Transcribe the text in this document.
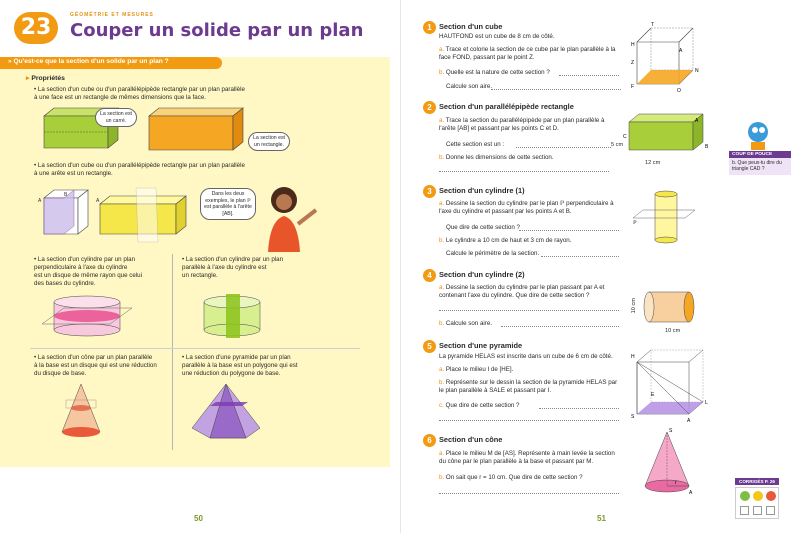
23	GÉOMÉTRIE ET MESURES
Couper un solide par un plan
» Qu'est-ce que la section d'un solide par un plan ?
▸ Propriétés
• La section d'un cube ou d'un parallélépipède rectangle par un plan parallèle
à une face est un rectangle de mêmes dimensions que la face.
La section est un carré.
La section est un rectangle.
• La section d'un cube ou d'un parallélépipède rectangle par un plan parallèle
à une arête est un rectangle.
A
B
A
Dans les deux exemples, le plan ℙ est parallèle à l'arête [AB].
• La section d'un cylindre par un plan
perpendiculaire à l'axe du cylindre
est un disque de même rayon que celui
des bases du cylindre.
• La section d'un cylindre par un plan
parallèle à l'axe du cylindre est
un rectangle.
• La section d'un cône par un plan parallèle
à la base est un disque qui est une réduction
du disque de base.
• La section d'une pyramide par un plan
parallèle à la base est un polygone qui est
une réduction du polygone de base.
50
1 Section d'un cube
HAUTFOND est un cube de 8 cm de côté.
a. Trace et colorie la section de ce cube par le plan parallèle à la face FOND, passant par le point Z.
b. Quelle est la nature de cette section ?
Calcule son aire.
T
H
F
O
N
Z
A
2 Section d'un parallélépipède rectangle
a. Trace la section du parallélépipède par un plan parallèle à l'arête [AB] et passant par les points C et D.
Cette section est un :
b. Donne les dimensions de cette section.
C
A
B
5 cm
12 cm
COUP DE POUCE
b. Que peux-tu dire du triangle CAD ?
3 Section d'un cylindre (1)
a. Dessine la section du cylindre par le plan ℙ perpendiculaire à l'axe du cylindre et passant par les points A et B.
Que dire de cette section ?
b. Le cylindre a 10 cm de haut et 3 cm de rayon.
Calcule le périmètre de la section.
ℙ
4 Section d'un cylindre (2)
a. Dessine la section du cylindre par le plan passant par A et contenant l'axe du cylindre. Que dire de cette section ?
b. Calcule son aire.
10 cm
10 cm
5 Section d'une pyramide
La pyramide HELAS est inscrite dans un cube de 6 cm de côté.
a. Place le milieu I de [HE].
b. Représente sur le dessin la section de la pyramide HELAS par le plan parallèle à SALE et passant par I.
c. Que dire de cette section ?
H
S
A
E
L
6 Section d'un cône
a. Place le milieu M de [AS]. Représente à main levée la section du cône par le plan parallèle à la base et passant par M.
b. On sait que r = 10 cm. Que dire de cette section ?
S
A
r	CORRIGÉS P. 26
51
